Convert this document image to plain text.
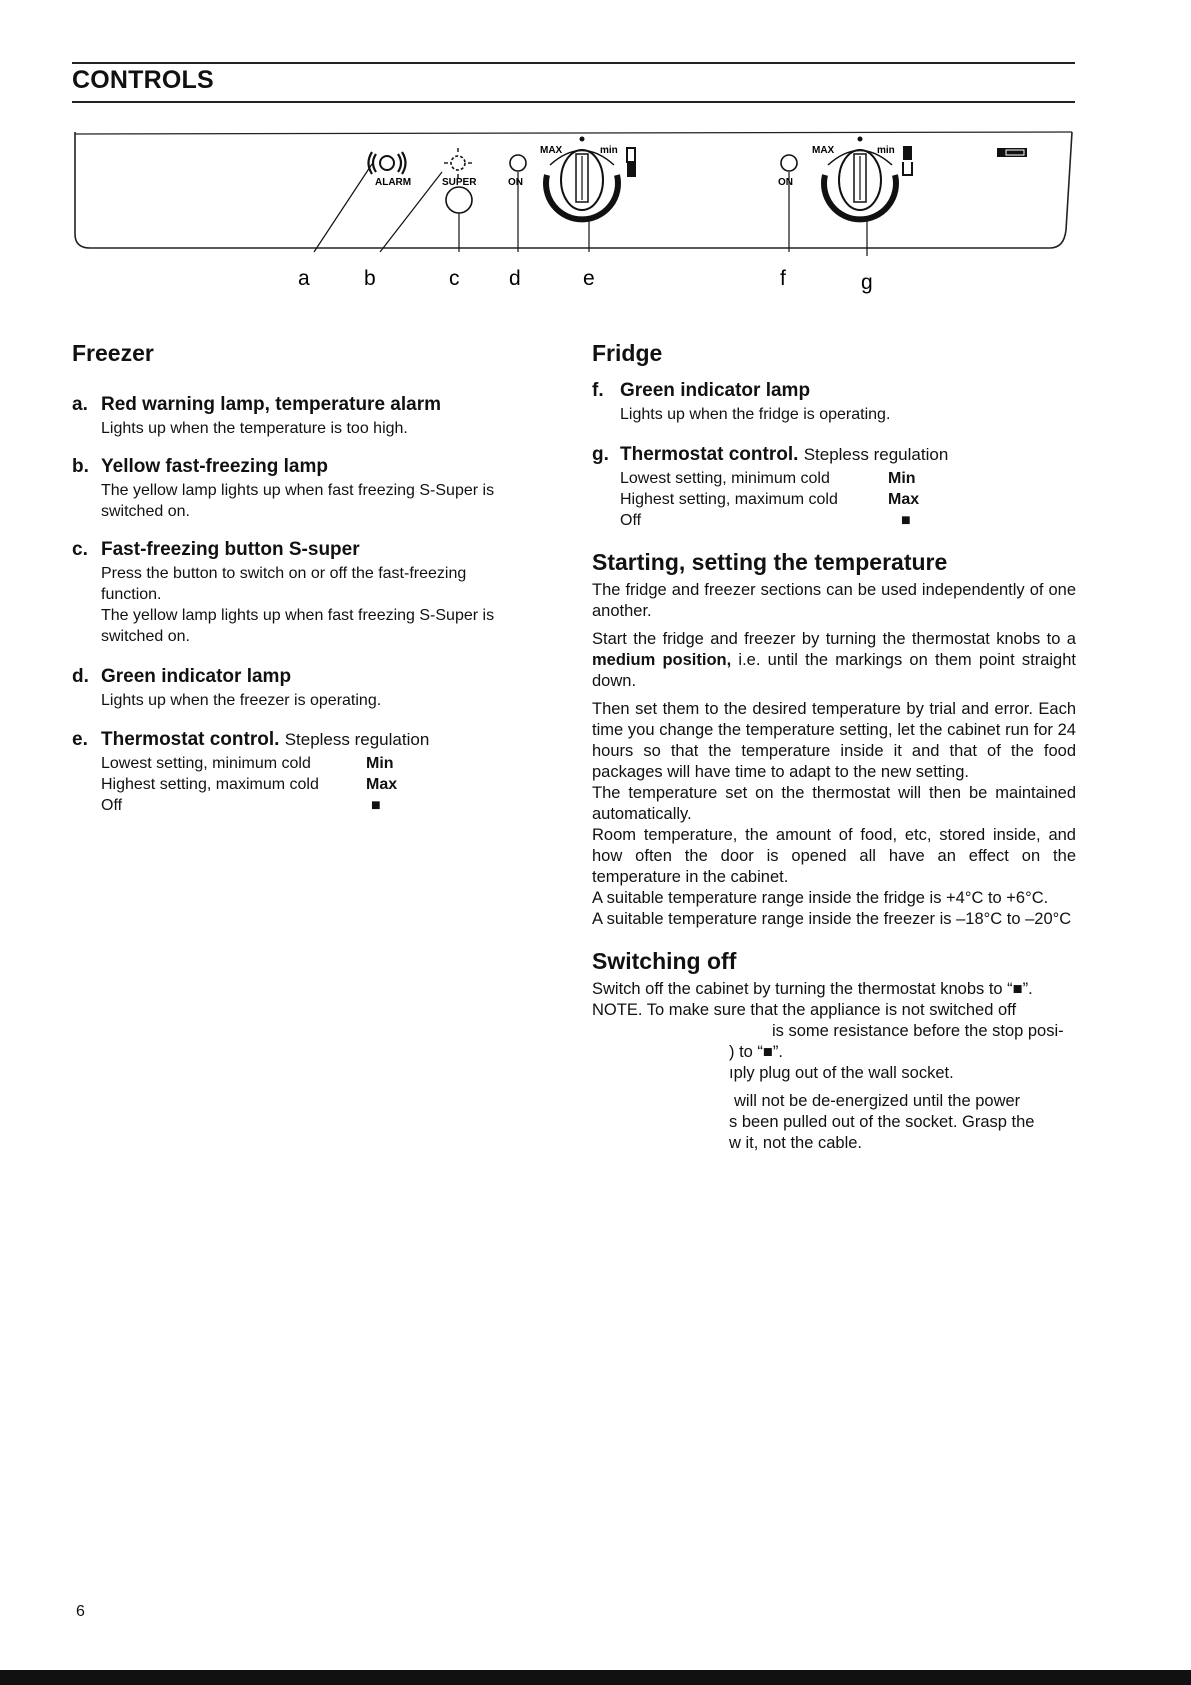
CONTROLS
ALARM	SUPER	ON
MAX	min
ON
MAX	min
a	b	c d	e	f	g
Freezer
a. Red warning lamp, temperature alarm
Lights up when the temperature is too high.
b. Yellow fast-freezing lamp
The yellow lamp lights up when fast freezing S-Super is switched on.
c. Fast-freezing button S-super
Press the button to switch on or off the fast-freezing function.
The yellow lamp lights up when fast freezing S-Super is switched on.
d. Green indicator lamp
Lights up when the freezer is operating.
e. Thermostat control. Stepless regulation
Lowest setting, minimum cold	Min
Highest setting, maximum cold	Max
Off	■
Fridge
f. Green indicator lamp
Lights up when the fridge is operating.
g. Thermostat control. Stepless regulation
Lowest setting, minimum cold	Min
Highest setting, maximum cold	Max
Off	■
Starting, setting the temperature

The fridge and freezer sections can be used independently of one another.

Start the fridge and freezer by turning the thermostat knobs to a medium position, i.e. until the markings on them point straight down.

Then set them to the desired temperature by trial and error. Each time you change the temperature setting, let the cabinet run for 24 hours so that the temperature inside it and that of the food packages will have time to adapt to the new setting.

The temperature set on the thermostat will then be maintained automatically.

Room temperature, the amount of food, etc, stored inside, and how often the door is opened all have an effect on the temperature in the cabinet.

A suitable temperature range inside the fridge is +4°C to +6°C.

A suitable temperature range inside the freezer is –18°C to –20°C

Switching off

Switch off the cabinet by turning the thermostat knobs to “■”.

NOTE. To make sure that the appliance is not switched off

is some resistance before the stop posi-
) to “■”.
ıply plug out of the wall socket.
will not be de-energized until the power
s been pulled out of the socket. Grasp the
w it, not the cable.
6
